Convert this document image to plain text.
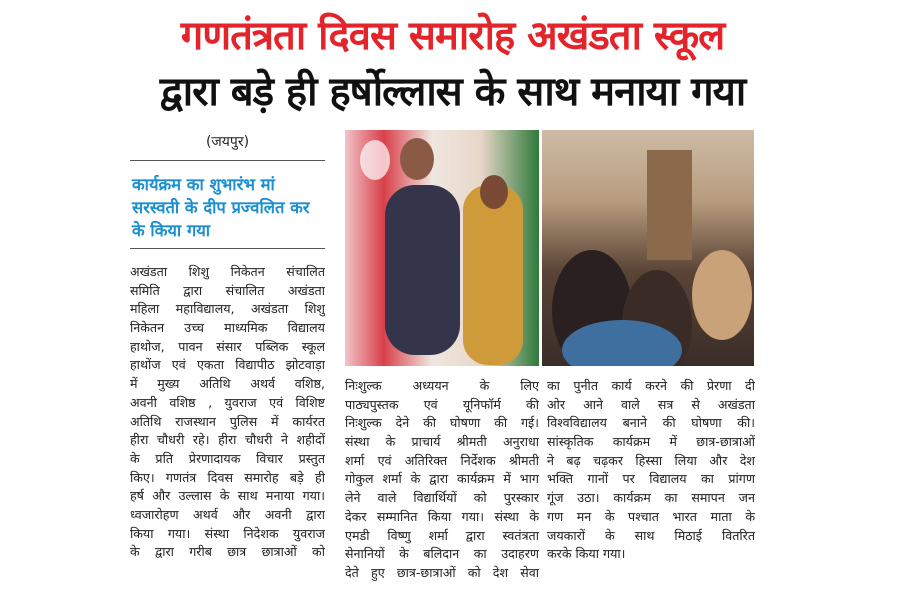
गणतंत्रता दिवस समारोह अखंडता स्कूल
द्वारा बड़े ही हर्षोल्लास के साथ मनाया गया
(जयपुर)
कार्यक्रम का शुभारंभ मां सरस्वती के दीप प्रज्वलित कर के किया गया
अखंडता शिशु निकेतन संचालित
समिति द्वारा संचालित अखंडता
महिला महाविद्यालय, अखंडता शिशु
निकेतन उच्च माध्यमिक विद्यालय
हाथोज, पावन संसार पब्लिक स्कूल
हाथोंज एवं एकता विद्यापीठ झोटवाड़ा
में मुख्य अतिथि अथर्व वशिष्ठ,
अवनी वशिष्ठ , युवराज एवं विशिष्ट
अतिथि राजस्थान पुलिस में कार्यरत
हीरा चौधरी रहे। हीरा चौधरी ने शहीदों
के प्रति प्रेरणादायक विचार प्रस्तुत
किए। गणतंत्र दिवस समारोह बड़े ही
हर्ष और उल्लास के साथ मनाया गया।
ध्वजारोहण अथर्व और अवनी द्वारा
किया गया। संस्था निदेशक युवराज
के द्वारा गरीब छात्र छात्राओं को
निःशुल्क अध्ययन के लिए
पाठ्यपुस्तक एवं यूनिफॉर्म की
निःशुल्क देने की घोषणा की गई।
संस्था के प्राचार्य श्रीमती अनुराधा
शर्मा एवं अतिरिक्त निर्देशक श्रीमती
गोकुल शर्मा के द्वारा कार्यक्रम में भाग
लेने वाले विद्यार्थियों को पुरस्कार
देकर सम्मानित किया गया। संस्था के
एमडी विष्णु शर्मा द्वारा स्वतंत्रता
सेनानियों के बलिदान का उदाहरण
देते हुए छात्र-छात्राओं को देश सेवा
का पुनीत कार्य करने की प्रेरणा दी
ओर आने वाले सत्र से अखंडता
विश्वविद्यालय बनाने की घोषणा की।
सांस्कृतिक कार्यक्रम में छात्र-छात्राओं
ने बढ़ चढ़कर हिस्सा लिया और देश
भक्ति गानों पर विद्यालय का प्रांगण
गूंज उठा। कार्यक्रम का समापन जन
गण मन के पश्चात भारत माता के
जयकारों के साथ मिठाई वितरित
करके किया गया।
